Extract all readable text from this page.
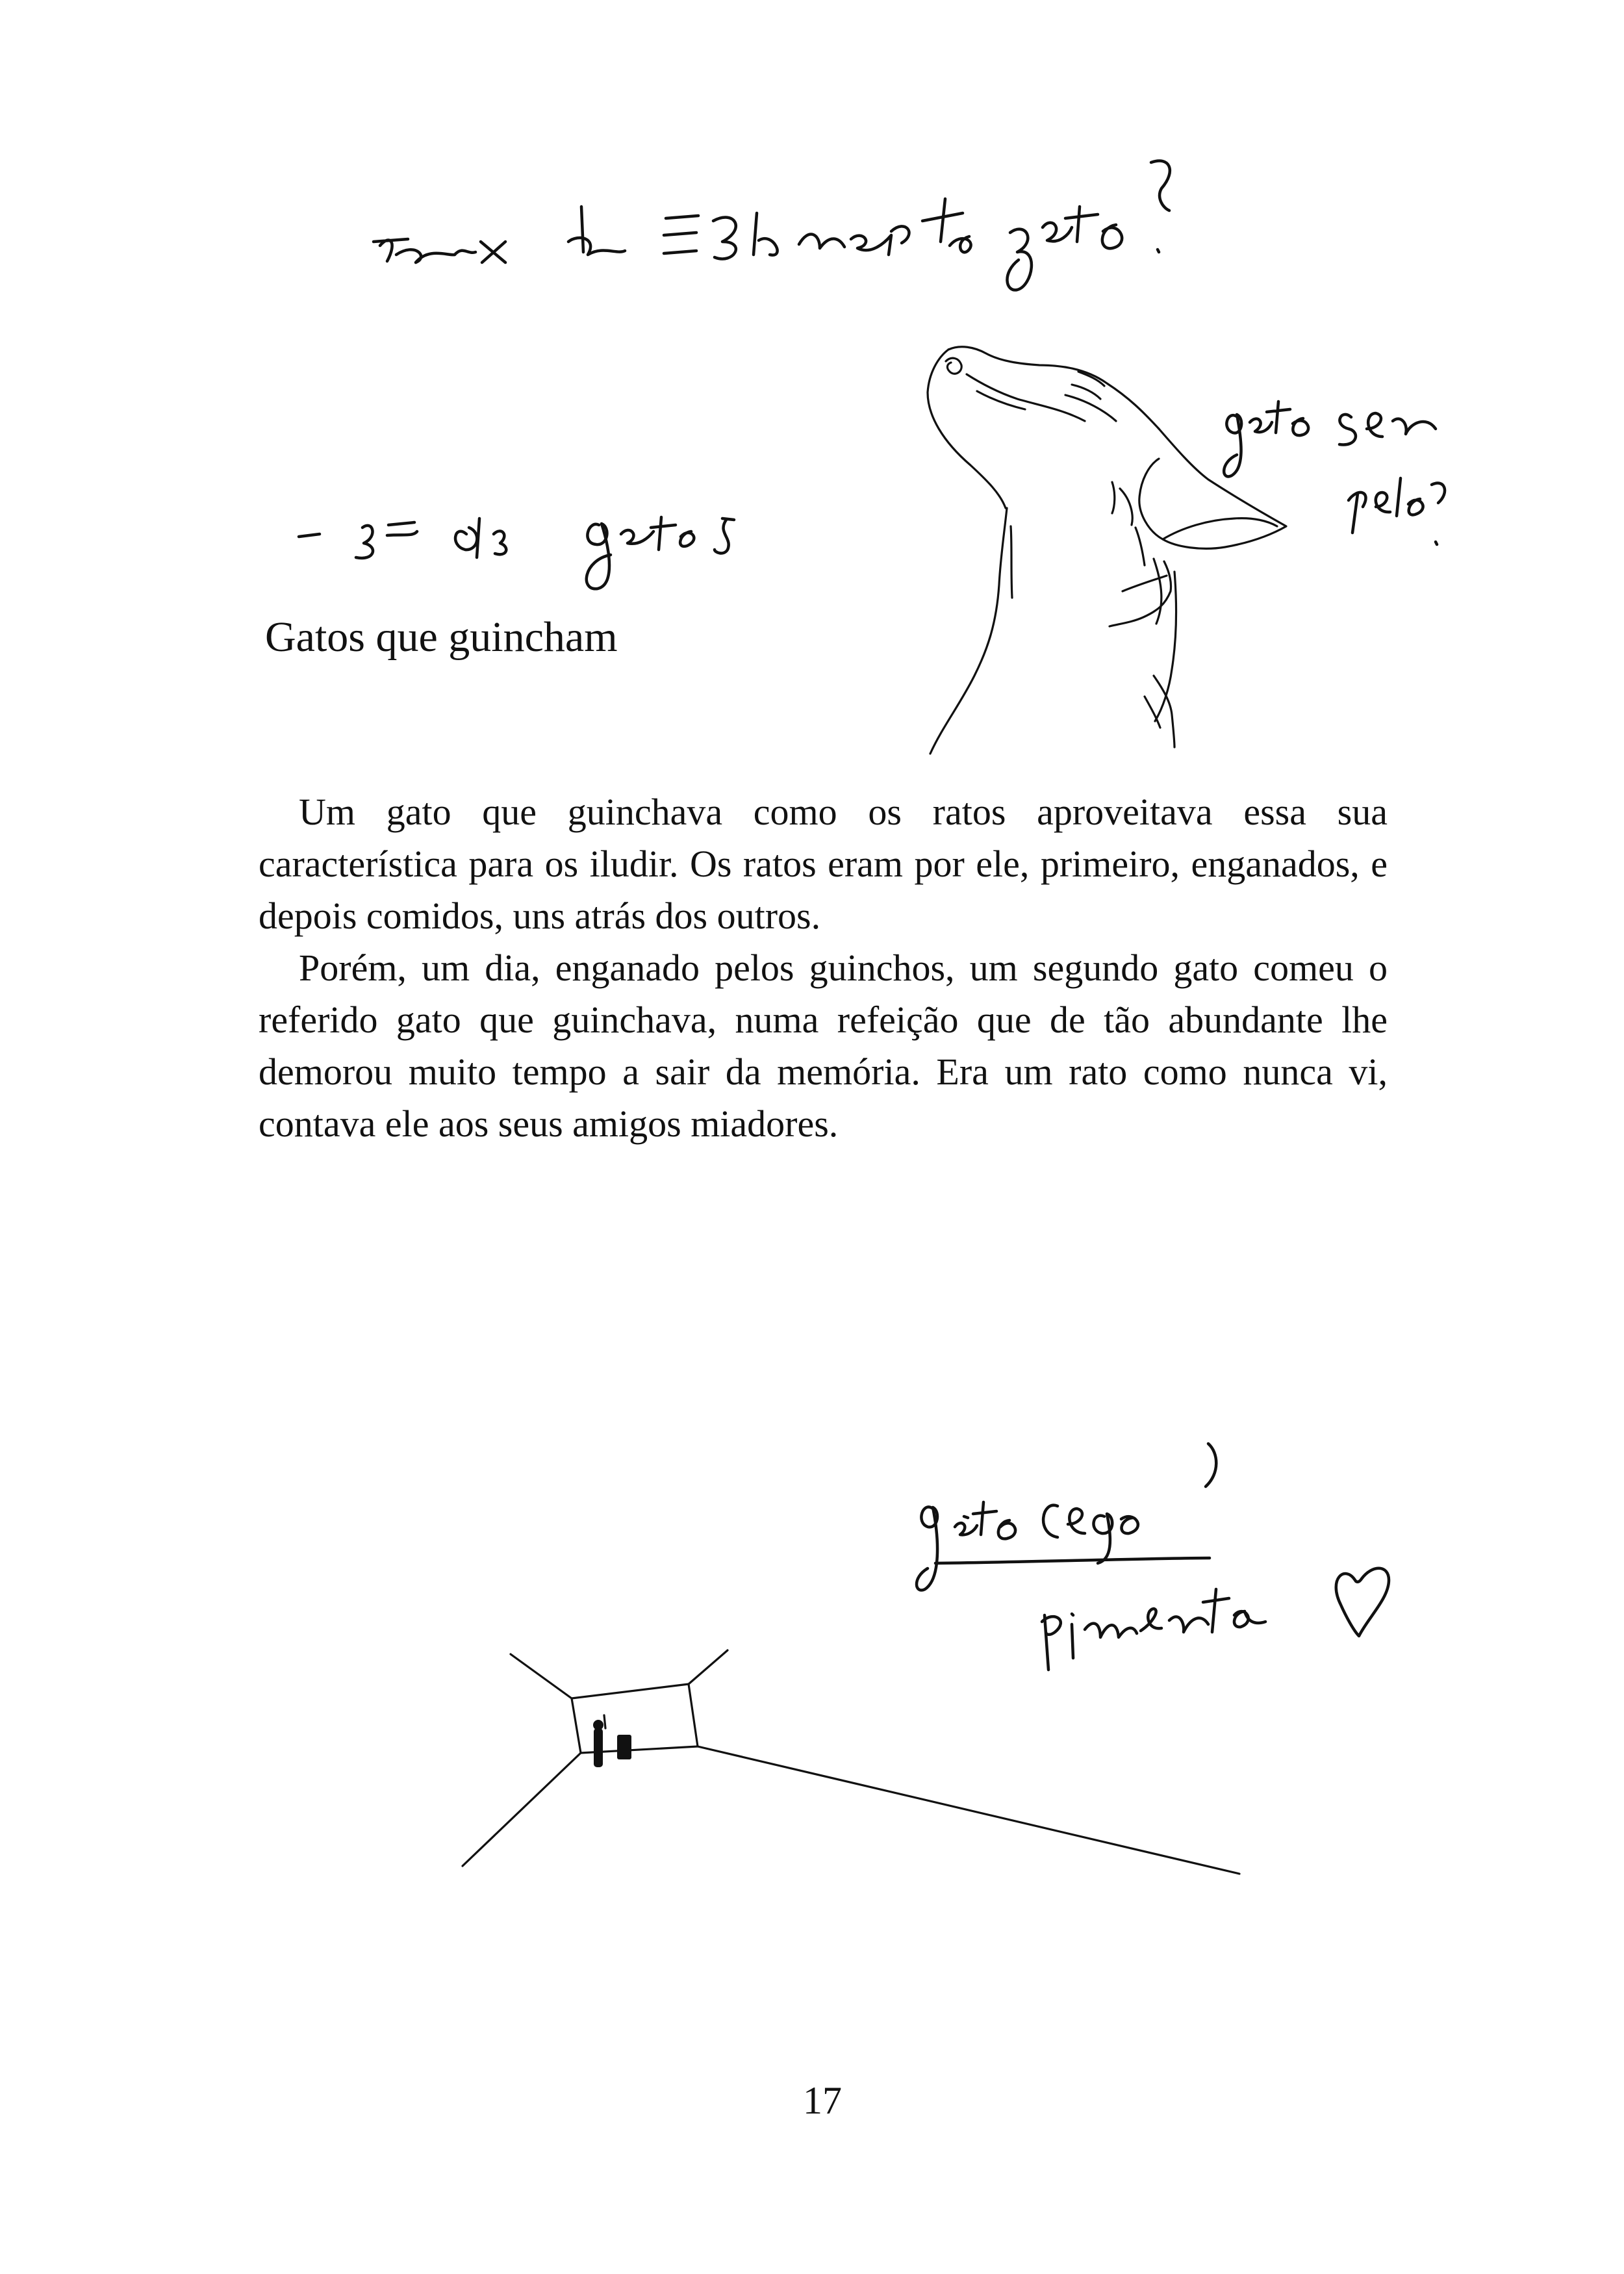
Gatos que guincham

Um gato que guinchava como os ratos aproveitava essa sua característica para os iludir. Os ratos eram por ele, primeiro, enganados, e depois comidos, uns atrás dos outros.

Porém, um dia, enganado pelos guinchos, um segundo gato comeu o referido gato que guinchava, numa refeição que de tão abundante lhe demorou muito tempo a sair da memória. Era um rato como nunca vi, contava ele aos seus amigos miadores.

17
